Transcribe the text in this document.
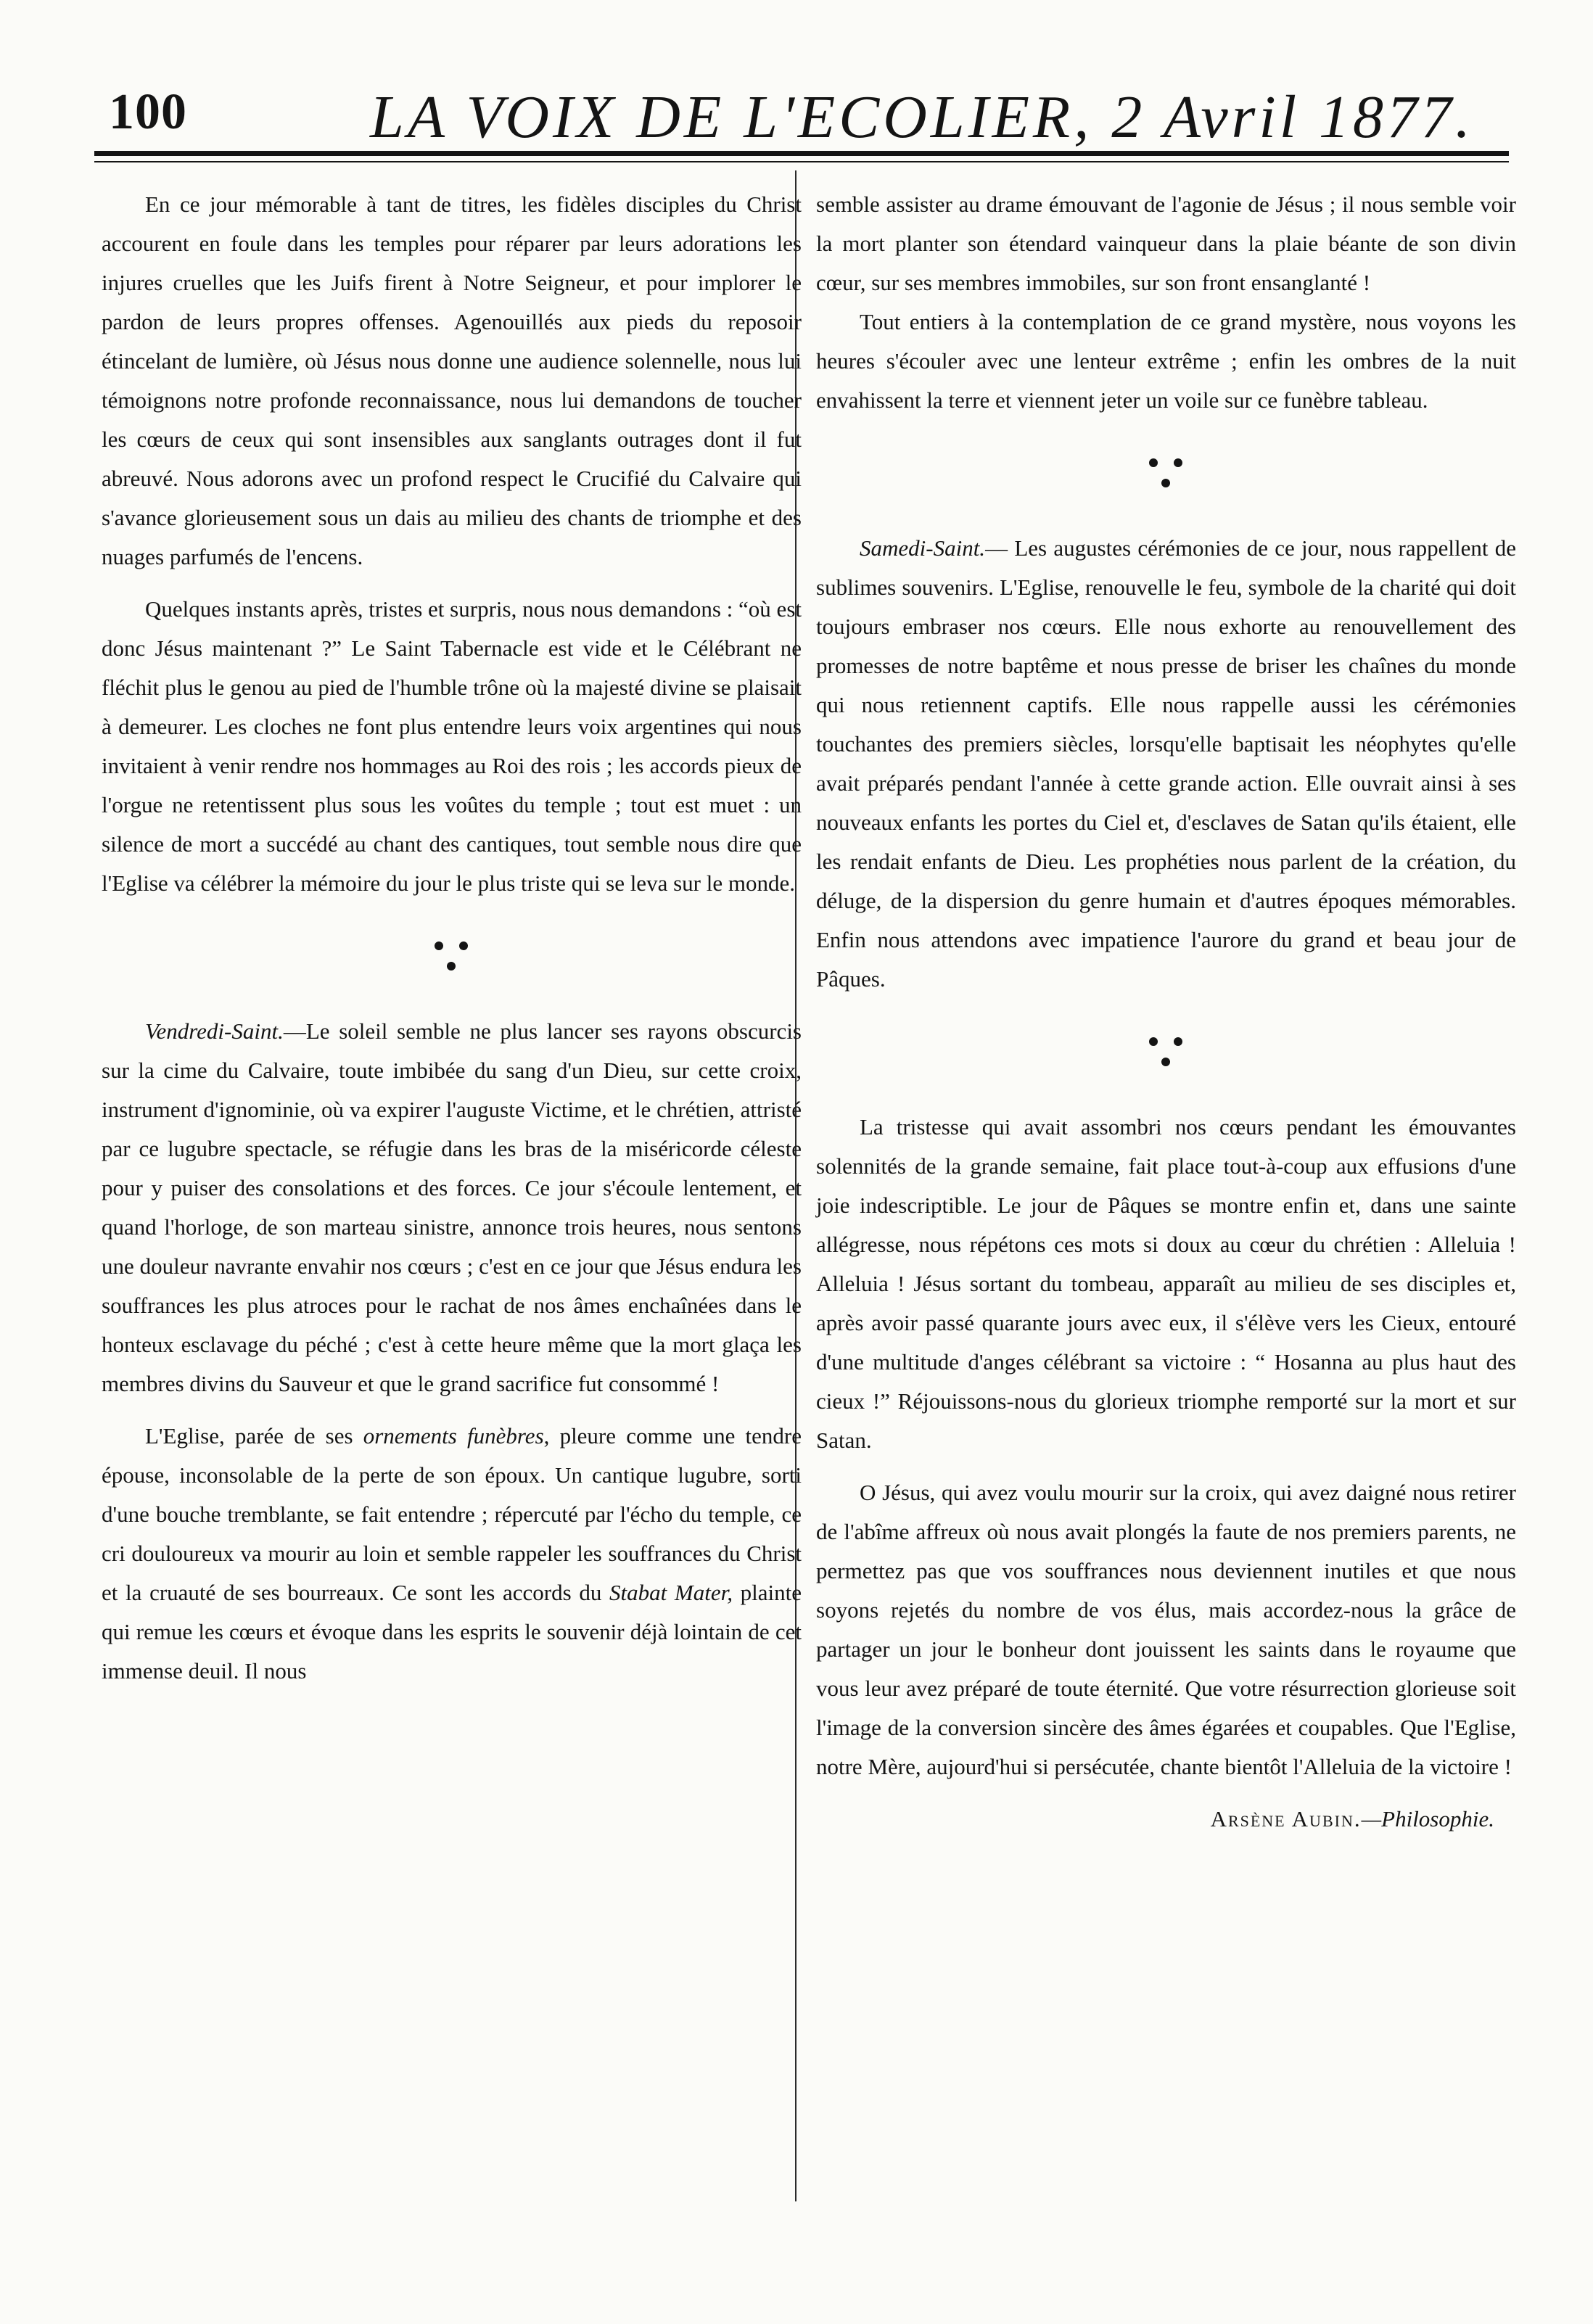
100	LA VOIX DE L'ECOLIER, 2 Avril 1877.

En ce jour mémorable à tant de titres, les fidèles disciples du Christ accourent en foule dans les temples pour réparer par leurs adorations les injures cruelles que les Juifs firent à Notre Seigneur, et pour implorer le pardon de leurs propres offenses. Agenouillés aux pieds du reposoir étincelant de lumière, où Jésus nous donne une audience solennelle, nous lui témoignons notre profonde reconnaissance, nous lui demandons de toucher les cœurs de ceux qui sont insensibles aux sanglants outrages dont il fut abreuvé. Nous adorons avec un profond respect le Crucifié du Calvaire qui s'avance glorieusement sous un dais au milieu des chants de triomphe et des nuages parfumés de l'encens.

Quelques instants après, tristes et surpris, nous nous demandons : “où est donc Jésus maintenant ?” Le Saint Tabernacle est vide et le Célébrant ne fléchit plus le genou au pied de l'humble trône où la majesté divine se plaisait à demeurer. Les cloches ne font plus entendre leurs voix argentines qui nous invitaient à venir rendre nos hommages au Roi des rois ; les accords pieux de l'orgue ne retentissent plus sous les voûtes du temple ; tout est muet : un silence de mort a succédé au chant des cantiques, tout semble nous dire que l'Eglise va célébrer la mémoire du jour le plus triste qui se leva sur le monde.

Vendredi-Saint.—Le soleil semble ne plus lancer ses rayons obscurcis sur la cime du Calvaire, toute imbibée du sang d'un Dieu, sur cette croix, instrument d'ignominie, où va expirer l'auguste Victime, et le chrétien, attristé par ce lugubre spectacle, se réfugie dans les bras de la miséricorde céleste pour y puiser des consolations et des forces. Ce jour s'écoule lentement, et quand l'horloge, de son marteau sinistre, annonce trois heures, nous sentons une douleur navrante envahir nos cœurs ; c'est en ce jour que Jésus endura les souffrances les plus atroces pour le rachat de nos âmes enchaînées dans le honteux esclavage du péché ; c'est à cette heure même que la mort glaça les membres divins du Sauveur et que le grand sacrifice fut consommé !

L'Eglise, parée de ses ornements funèbres, pleure comme une tendre épouse, inconsolable de la perte de son époux. Un cantique lugubre, sorti d'une bouche tremblante, se fait entendre ; répercuté par l'écho du temple, ce cri douloureux va mourir au loin et semble rappeler les souffrances du Christ et la cruauté de ses bourreaux. Ce sont les accords du Stabat Mater, plainte qui remue les cœurs et évoque dans les esprits le souvenir déjà lointain de cet immense deuil. Il nous

semble assister au drame émouvant de l'agonie de Jésus ; il nous semble voir la mort planter son étendard vainqueur dans la plaie béante de son divin cœur, sur ses membres immobiles, sur son front ensanglanté !

Tout entiers à la contemplation de ce grand mystère, nous voyons les heures s'écouler avec une lenteur extrême ; enfin les ombres de la nuit envahissent la terre et viennent jeter un voile sur ce funèbre tableau.

Samedi-Saint.— Les augustes cérémonies de ce jour, nous rappellent de sublimes souvenirs. L'Eglise, renouvelle le feu, symbole de la charité qui doit toujours embraser nos cœurs. Elle nous exhorte au renouvellement des promesses de notre baptême et nous presse de briser les chaînes du monde qui nous retiennent captifs. Elle nous rappelle aussi les cérémonies touchantes des premiers siècles, lorsqu'elle baptisait les néophytes qu'elle avait préparés pendant l'année à cette grande action. Elle ouvrait ainsi à ses nouveaux enfants les portes du Ciel et, d'esclaves de Satan qu'ils étaient, elle les rendait enfants de Dieu. Les prophéties nous parlent de la création, du déluge, de la dispersion du genre humain et d'autres époques mémorables. Enfin nous attendons avec impatience l'aurore du grand et beau jour de Pâques.

La tristesse qui avait assombri nos cœurs pendant les émouvantes solennités de la grande semaine, fait place tout-à-coup aux effusions d'une joie indescriptible. Le jour de Pâques se montre enfin et, dans une sainte allégresse, nous répétons ces mots si doux au cœur du chrétien : Alleluia ! Alleluia ! Jésus sortant du tombeau, apparaît au milieu de ses disciples et, après avoir passé quarante jours avec eux, il s'élève vers les Cieux, entouré d'une multitude d'anges célébrant sa victoire : “ Hosanna au plus haut des cieux !” Réjouissons-nous du glorieux triomphe remporté sur la mort et sur Satan.

O Jésus, qui avez voulu mourir sur la croix, qui avez daigné nous retirer de l'abîme affreux où nous avait plongés la faute de nos premiers parents, ne permettez pas que vos souffrances nous deviennent inutiles et que nous soyons rejetés du nombre de vos élus, mais accordez-nous la grâce de partager un jour le bonheur dont jouissent les saints dans le royaume que vous leur avez préparé de toute éternité. Que votre résurrection glorieuse soit l'image de la conversion sincère des âmes égarées et coupables. Que l'Eglise, notre Mère, aujourd'hui si persécutée, chante bientôt l'Alleluia de la victoire !

Arsène Aubin.—Philosophie.
